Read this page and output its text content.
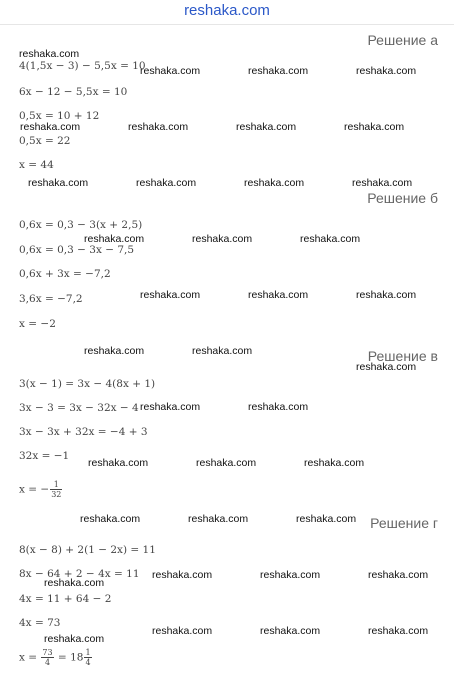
reshaka.com
Решение а
Решение б
Решение в
Решение г
4(1,5x − 3) − 5,5x = 10
6x − 12 − 5,5x = 10
0,5x = 10 + 12
0,5x = 22
x = 44
0,6x = 0,3 − 3(x + 2,5)
0,6x = 0,3 − 3x − 7,5
0,6x + 3x = −7,2
3,6x = −7,2
x = −2
3(x − 1) = 3x − 4(8x + 1)
3x − 3 = 3x − 32x − 4
3x − 3x + 32x = −4 + 3
32x = −1
x = − $\frac{1}{32}$
8(x − 8) + 2(1 − 2x) = 11
8x − 64 + 2 − 4x = 11
4x = 11 + 64 − 2
4x = 73
$x = \frac{73}{4} = 18 \frac{1}{4}$
reshaka.com
reshaka.com	reshaka.com	reshaka.com
reshaka.com	reshaka.com	reshaka.com	reshaka.com
reshaka.com	reshaka.com	reshaka.com	reshaka.com
reshaka.com	reshaka.com	reshaka.com
reshaka.com	reshaka.com	reshaka.com
reshaka.com	reshaka.com
reshaka.com
reshaka.com	reshaka.com
reshaka.com	reshaka.com	reshaka.com
reshaka.com	reshaka.com	reshaka.com
reshaka.com	reshaka.com	reshaka.com
reshaka.com
reshaka.com	reshaka.com	reshaka.com
reshaka.com
